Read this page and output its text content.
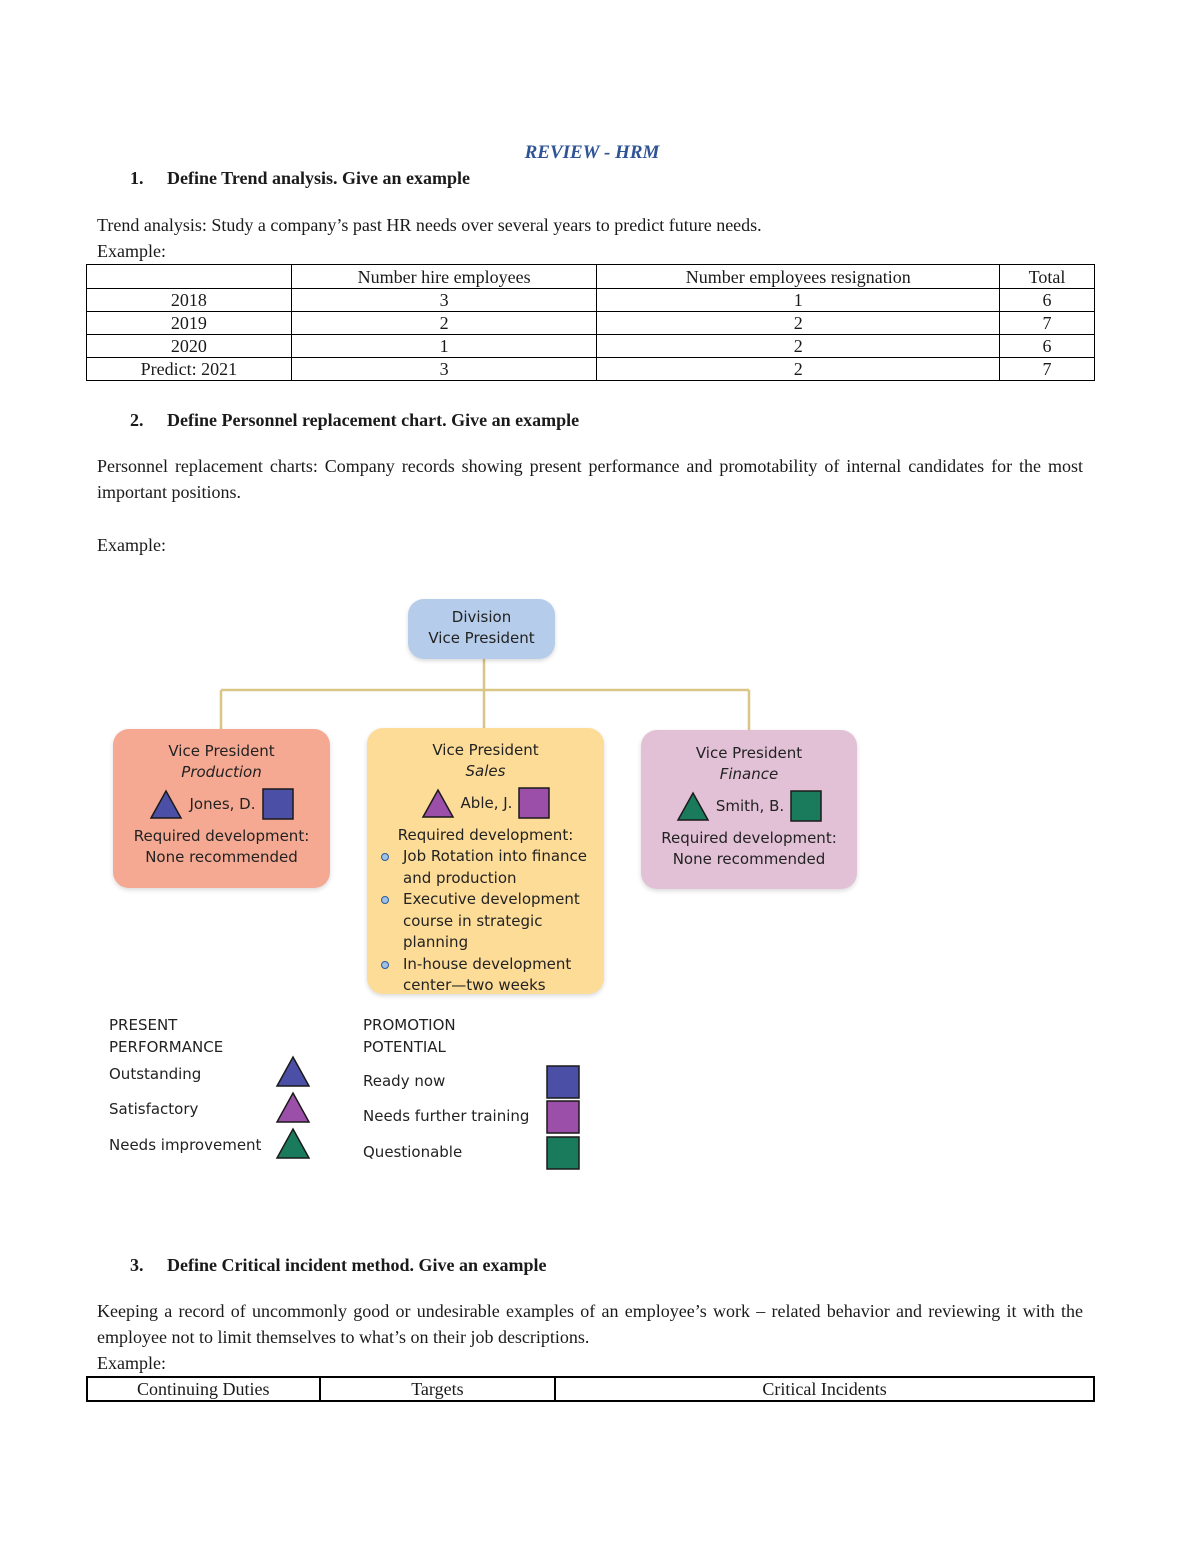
REVIEW - HRM
1. Define Trend analysis. Give an example
Trend analysis: Study a company’s past HR needs over several years to predict future needs.
Example:
	Number hire employees	Number employees resignation	Total
2018	3	1	6
2019	2	2	7
2020	1	2	6
Predict: 2021	3	2	7
2. Define Personnel replacement chart. Give an example
Personnel replacement charts: Company records showing present performance and promotability of internal candidates for the most important positions.
Example:
Division
Vice President
Vice President
Production
Jones, D.
Required development:
None recommended
Vice President
Sales
Able, J.
Required development:
Job Rotation into finance
and production
Executive development
course in strategic planning
In-house development
center—two weeks
Vice President
Finance
Smith, B.
Required development:
None recommended
PRESENT
PERFORMANCE
Outstanding
Satisfactory
Needs improvement
PROMOTION
POTENTIAL
Ready now
Needs further training
Questionable
3. Define Critical incident method. Give an example
Keeping a record of uncommonly good or undesirable examples of an employee’s work – related behavior and reviewing it with the employee not to limit themselves to what’s on their job descriptions.
Example:
Continuing Duties	Targets	Critical Incidents
